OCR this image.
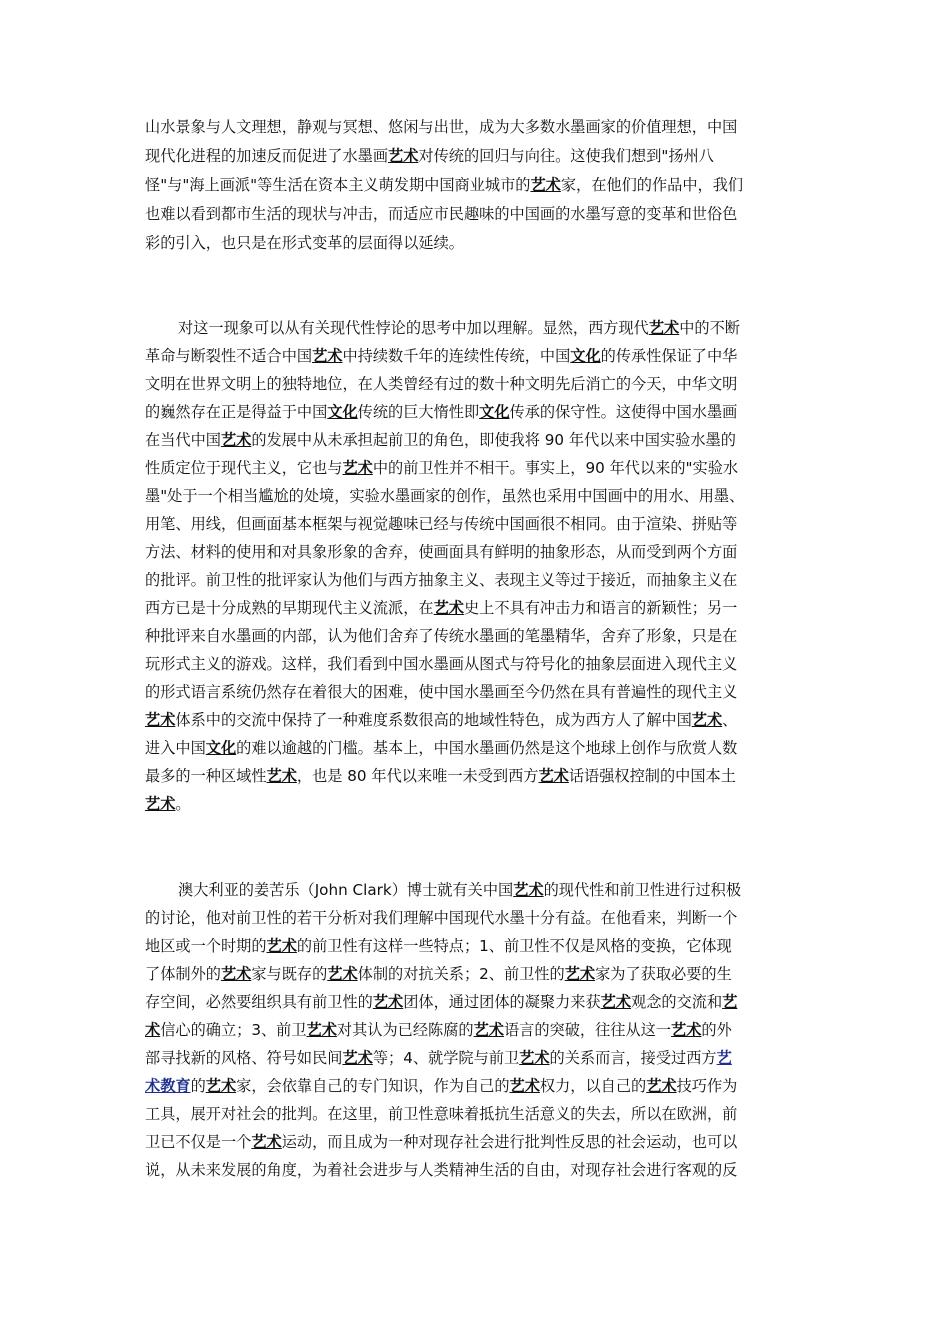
山水景象与人文理想，静观与冥想、悠闲与出世，成为大多数水墨画家的价值理想，中国
现代化进程的加速反而促进了水墨画艺术对传统的回归与向往。这使我们想到"扬州八
怪"与"海上画派"等生活在资本主义萌发期中国商业城市的艺术家，在他们的作品中，我们
也难以看到都市生活的现状与冲击，而适应市民趣味的中国画的水墨写意的变革和世俗色
彩的引入，也只是在形式变革的层面得以延续。
对这一现象可以从有关现代性悖论的思考中加以理解。显然，西方现代艺术中的不断
革命与断裂性不适合中国艺术中持续数千年的连续性传统，中国文化的传承性保证了中华
文明在世界文明上的独特地位，在人类曾经有过的数十种文明先后消亡的今天，中华文明
的巍然存在正是得益于中国文化传统的巨大惰性即文化传承的保守性。这使得中国水墨画
在当代中国艺术的发展中从未承担起前卫的角色，即使我将 90 年代以来中国实验水墨的
性质定位于现代主义，它也与艺术中的前卫性并不相干。事实上，90 年代以来的"实验水
墨"处于一个相当尴尬的处境，实验水墨画家的创作，虽然也采用中国画中的用水、用墨、
用笔、用线，但画面基本框架与视觉趣味已经与传统中国画很不相同。由于渲染、拼贴等
方法、材料的使用和对具象形象的舍弃，使画面具有鲜明的抽象形态，从而受到两个方面
的批评。前卫性的批评家认为他们与西方抽象主义、表现主义等过于接近，而抽象主义在
西方已是十分成熟的早期现代主义流派，在艺术史上不具有冲击力和语言的新颖性；另一
种批评来自水墨画的内部，认为他们舍弃了传统水墨画的笔墨精华，舍弃了形象，只是在
玩形式主义的游戏。这样，我们看到中国水墨画从图式与符号化的抽象层面进入现代主义
的形式语言系统仍然存在着很大的困难，使中国水墨画至今仍然在具有普遍性的现代主义
艺术体系中的交流中保持了一种难度系数很高的地域性特色，成为西方人了解中国艺术、
进入中国文化的难以逾越的门槛。基本上，中国水墨画仍然是这个地球上创作与欣赏人数
最多的一种区域性艺术，也是 80 年代以来唯一未受到西方艺术话语强权控制的中国本土
艺术。
澳大利亚的姜苦乐（John Clark）博士就有关中国艺术的现代性和前卫性进行过积极
的讨论，他对前卫性的若干分析对我们理解中国现代水墨十分有益。在他看来，判断一个
地区或一个时期的艺术的前卫性有这样一些特点；1、前卫性不仅是风格的变换，它体现
了体制外的艺术家与既存的艺术体制的对抗关系；2、前卫性的艺术家为了获取必要的生
存空间，必然要组织具有前卫性的艺术团体，通过团体的凝聚力来获艺术观念的交流和艺
术信心的确立；3、前卫艺术对其认为已经陈腐的艺术语言的突破，往往从这一艺术的外
部寻找新的风格、符号如民间艺术等；4、就学院与前卫艺术的关系而言，接受过西方艺
术教育的艺术家，会依靠自己的专门知识，作为自己的艺术权力，以自己的艺术技巧作为
工具，展开对社会的批判。在这里，前卫性意味着抵抗生活意义的失去，所以在欧洲，前
卫已不仅是一个艺术运动，而且成为一种对现存社会进行批判性反思的社会运动，也可以
说，从未来发展的角度，为着社会进步与人类精神生活的自由，对现存社会进行客观的反
